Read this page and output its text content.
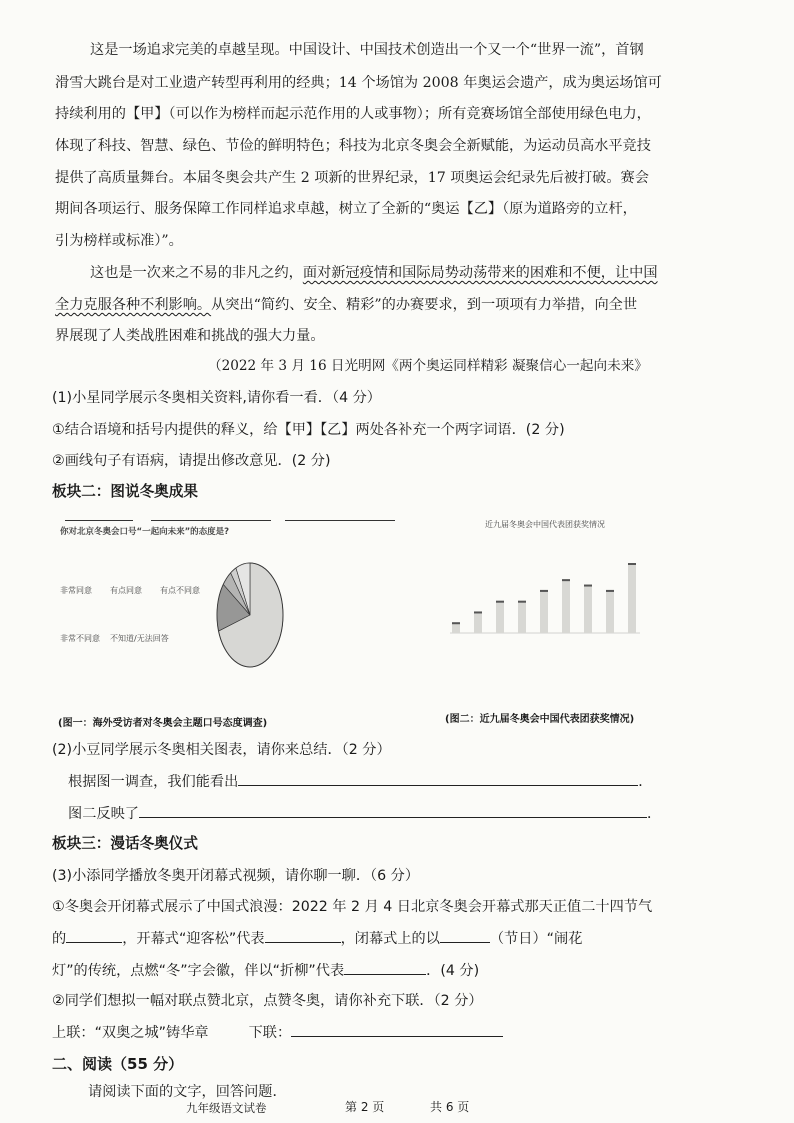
这是一场追求完美的卓越呈现。中国设计、中国技术创造出一个又一个“世界一流”，首钢
滑雪大跳台是对工业遗产转型再利用的经典；14 个场馆为 2008 年奥运会遗产，成为奥运场馆可
持续利用的【甲】（可以作为榜样而起示范作用的人或事物）；所有竞赛场馆全部使用绿色电力，
体现了科技、智慧、绿色、节俭的鲜明特色；科技为北京冬奥会全新赋能，为运动员高水平竞技
提供了高质量舞台。本届冬奥会共产生 2 项新的世界纪录，17 项奥运会纪录先后被打破。赛会
期间各项运行、服务保障工作同样追求卓越，树立了全新的“奥运【乙】（原为道路旁的立杆，
引为榜样或标准）”。
这也是一次来之不易的非凡之约，面对新冠疫情和国际局势动荡带来的困难和不便，让中国
全力克服各种不利影响。从突出“简约、安全、精彩”的办赛要求，到一项项有力举措，向全世
界展现了人类战胜困难和挑战的强大力量。
（2022 年 3 月 16 日光明网《两个奥运同样精彩 凝聚信心一起向未来》
(1)小星同学展示冬奥相关资料,请你看一看．（4 分）
①结合语境和括号内提供的释义，给【甲】【乙】两处各补充一个两字词语．(2 分)
②画线句子有语病，请提出修改意见．(2 分)
板块二：图说冬奥成果
你对北京冬奥会口号“一起向未来”的态度是?
非常同意 有点同意 有点不同意
非常不同意 不知道/无法回答
(图一：海外受访者对冬奥会主题口号态度调查)
近九届冬奥会中国代表团获奖情况
(图二：近九届冬奥会中国代表团获奖情况)
(2)小豆同学展示冬奥相关图表，请你来总结．（2 分）
根据图一调查，我们能看出	．
图二反映了	．
板块三：漫话冬奥仪式
(3)小添同学播放冬奥开闭幕式视频，请你聊一聊．（6 分）
①冬奥会开闭幕式展示了中国式浪漫：2022 年 2 月 4 日北京冬奥会开幕式那天正值二十四节气
的	，开幕式“迎客松”代表	，闭幕式上的以	（节日）“闹花
灯”的传统，点燃“冬”字会徽，伴以“折柳”代表	．(4 分)
②同学们想拟一幅对联点赞北京，点赞冬奥，请你补充下联．（2 分）
上联：“双奥之城”铸华章	下联：
二、阅读（55 分）
请阅读下面的文字，回答问题．
九年级语文试卷	第 2 页	共 6 页
